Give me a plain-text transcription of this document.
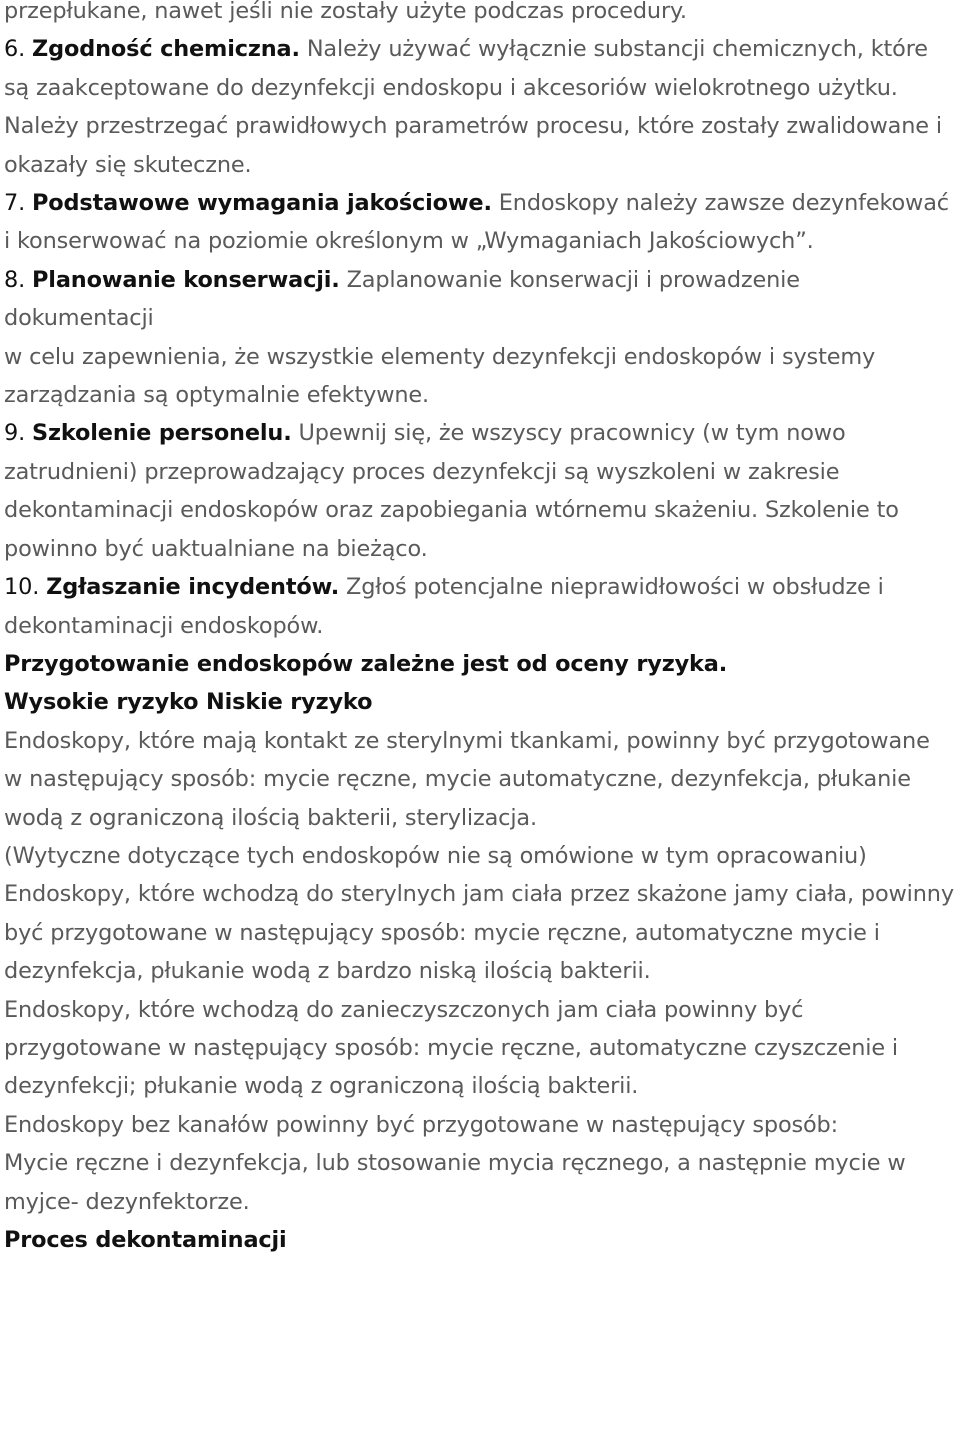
przepłukane, nawet jeśli nie zostały użyte podczas procedury.

6. Zgodność chemiczna. Należy używać wyłącznie substancji chemicznych, które są zaakceptowane do dezynfekcji endoskopu i akcesoriów wielokrotnego użytku. Należy przestrzegać prawidłowych parametrów procesu, które zostały zwalidowane i okazały się skuteczne.

7. Podstawowe wymagania jakościowe. Endoskopy należy zawsze dezynfekować i konserwować na poziomie określonym w „Wymaganiach Jakościowych”.

8. Planowanie konserwacji. Zaplanowanie konserwacji i prowadzenie dokumentacji

w celu zapewnienia, że wszystkie elementy dezynfekcji endoskopów i systemy zarządzania są optymalnie efektywne.

9. Szkolenie personelu. Upewnij się, że wszyscy pracownicy (w tym nowo zatrudnieni) przeprowadzający proces dezynfekcji są wyszkoleni w zakresie dekontaminacji endoskopów oraz zapobiegania wtórnemu skażeniu. Szkolenie to powinno być uaktualniane na bieżąco.

10. Zgłaszanie incydentów. Zgłoś potencjalne nieprawidłowości w obsłudze i

dekontaminacji endoskopów.

Przygotowanie endoskopów zależne jest od oceny ryzyka.
Wysokie ryzyko Niskie ryzyko

Endoskopy, które mają kontakt ze sterylnymi tkankami, powinny być przygotowane w następujący sposób: mycie ręczne, mycie automatyczne, dezynfekcja, płukanie wodą z ograniczoną ilością bakterii, sterylizacja.

(Wytyczne dotyczące tych endoskopów nie są omówione w tym opracowaniu)

Endoskopy, które wchodzą do sterylnych jam ciała przez skażone jamy ciała, powinny być przygotowane w następujący sposób: mycie ręczne, automatyczne mycie i dezynfekcja, płukanie wodą z bardzo niską ilością bakterii.

Endoskopy, które wchodzą do zanieczyszczonych jam ciała powinny być przygotowane w następujący sposób: mycie ręczne, automatyczne czyszczenie i dezynfekcji; płukanie wodą z ograniczoną ilością bakterii.

Endoskopy bez kanałów powinny być przygotowane w następujący sposób:

Mycie ręczne i dezynfekcja, lub stosowanie mycia ręcznego, a następnie mycie w myjce- dezynfektorze.

Proces dekontaminacji
